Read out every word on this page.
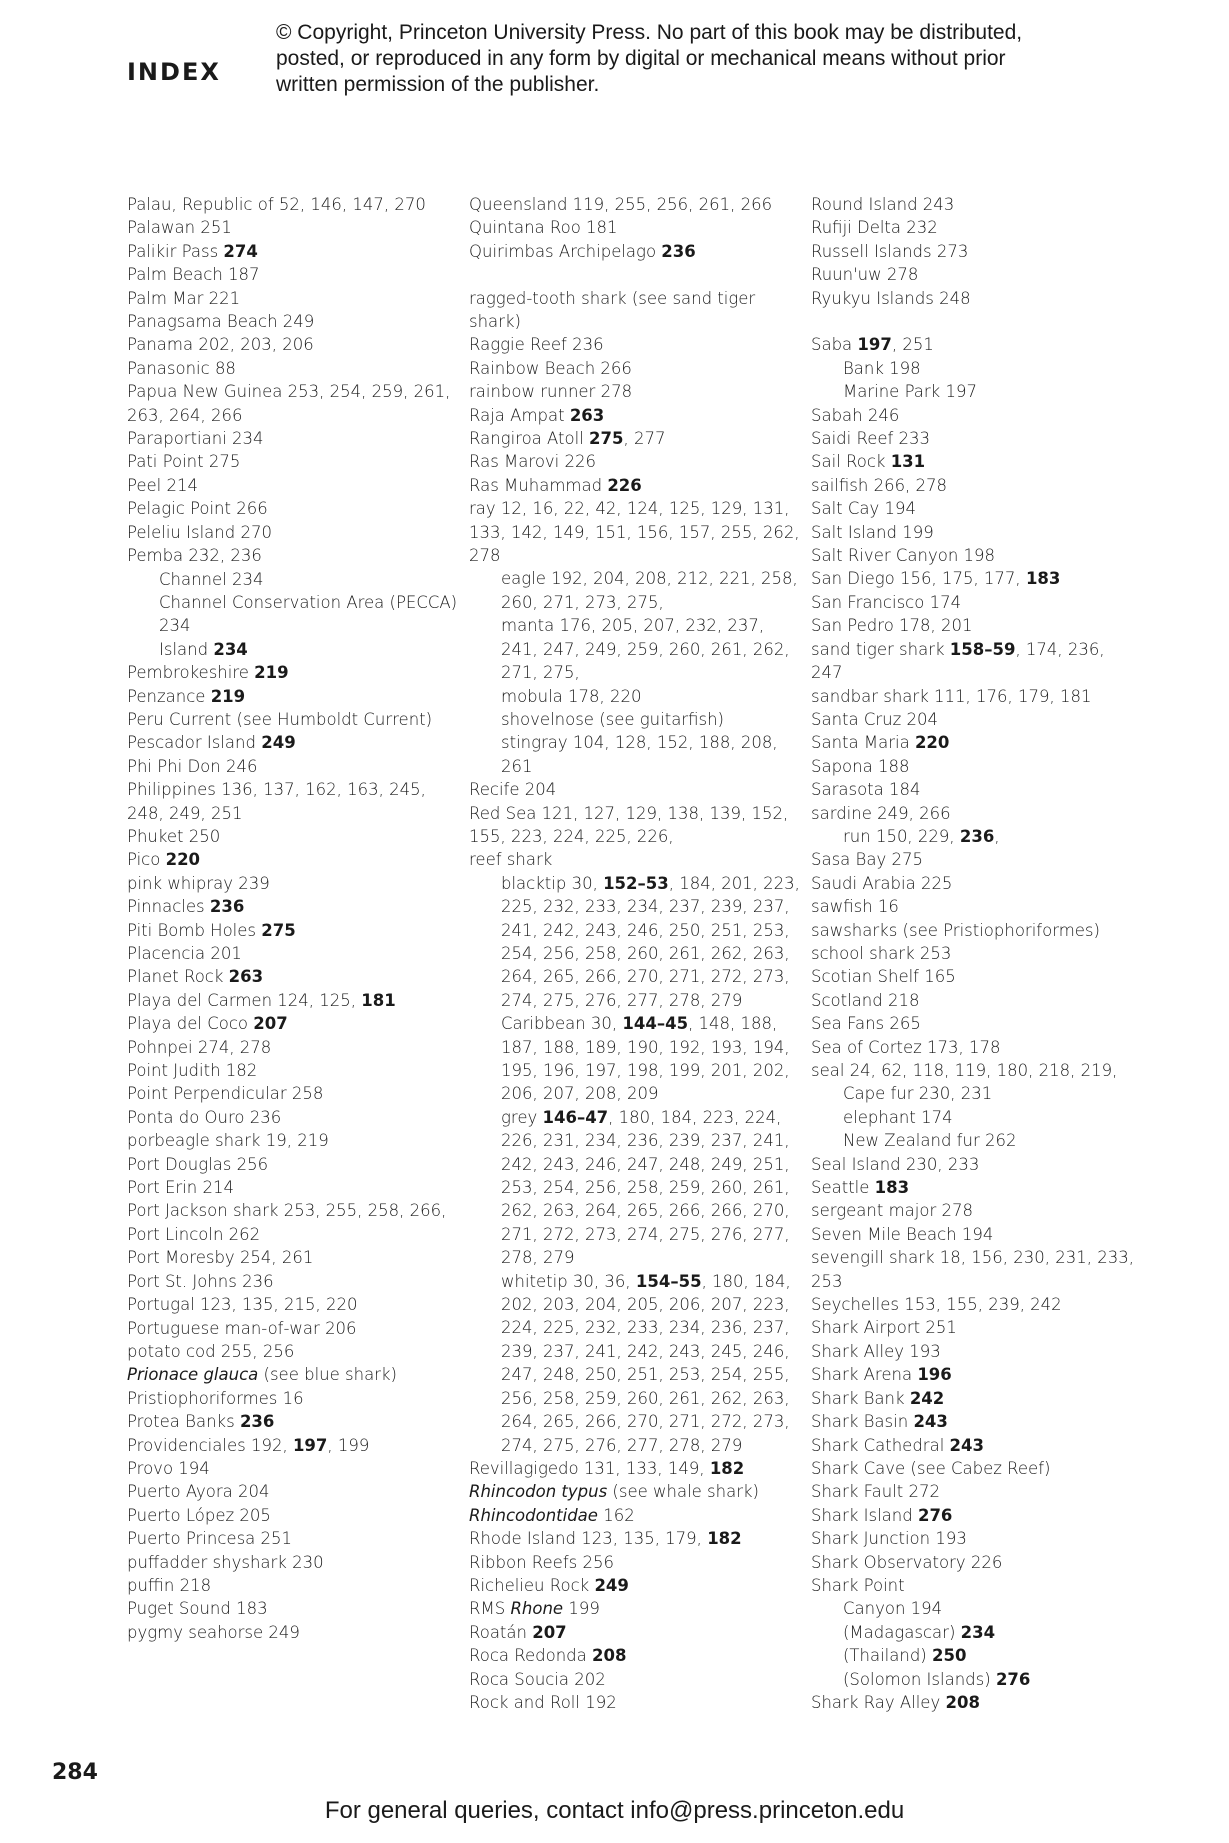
INDEX
© Copyright, Princeton University Press. No part of this book may be distributed, posted, or reproduced in any form by digital or mechanical means without prior written permission of the publisher.
Palau, Republic of 52, 146, 147, 270
Palawan 251
Palikir Pass 274
Palm Beach 187
Palm Mar 221
Panagsama Beach 249
Panama 202, 203, 206
Panasonic 88
Papua New Guinea 253, 254, 259, 261, 263, 264, 266
Paraportiani 234
Pati Point 275
Peel 214
Pelagic Point 266
Peleliu Island 270
Pemba 232, 236
Channel 234
Channel Conservation Area (PECCA) 234
Island 234
Pembrokeshire 219
Penzance 219
Peru Current (see Humboldt Current)
Pescador Island 249
Phi Phi Don 246
Philippines 136, 137, 162, 163, 245, 248, 249, 251
Phuket 250
Pico 220
pink whipray 239
Pinnacles 236
Piti Bomb Holes 275
Placencia 201
Planet Rock 263
Playa del Carmen 124, 125, 181
Playa del Coco 207
Pohnpei 274, 278
Point Judith 182
Point Perpendicular 258
Ponta do Ouro 236
porbeagle shark 19, 219
Port Douglas 256
Port Erin 214
Port Jackson shark 253, 255, 258, 266,
Port Lincoln 262
Port Moresby 254, 261
Port St. Johns 236
Portugal 123, 135, 215, 220
Portuguese man-of-war 206
potato cod 255, 256
Prionace glauca (see blue shark)
Pristiophoriformes 16
Protea Banks 236
Providenciales 192, 197, 199
Provo 194
Puerto Ayora 204
Puerto López 205
Puerto Princesa 251
puffadder shyshark 230
puffin 218
Puget Sound 183
pygmy seahorse 249
Queensland 119, 255, 256, 261, 266
Quintana Roo 181
Quirimbas Archipelago 236
ragged-tooth shark (see sand tiger shark)
Raggie Reef 236
Rainbow Beach 266
rainbow runner 278
Raja Ampat 263
Rangiroa Atoll 275, 277
Ras Marovi 226
Ras Muhammad 226
ray 12, 16, 22, 42, 124, 125, 129, 131, 133, 142, 149, 151, 156, 157, 255, 262, 278
eagle 192, 204, 208, 212, 221, 258, 260, 271, 273, 275,
manta 176, 205, 207, 232, 237, 241, 247, 249, 259, 260, 261, 262, 271, 275,
mobula 178, 220
shovelnose (see guitarfish)
stingray 104, 128, 152, 188, 208, 261
Recife 204
Red Sea 121, 127, 129, 138, 139, 152, 155, 223, 224, 225, 226,
reef shark
blacktip 30, 152–53, 184, 201, 223, 225, 232, 233, 234, 237, 239, 237, 241, 242, 243, 246, 250, 251, 253, 254, 256, 258, 260, 261, 262, 263, 264, 265, 266, 270, 271, 272, 273, 274, 275, 276, 277, 278, 279
Caribbean 30, 144–45, 148, 188, 187, 188, 189, 190, 192, 193, 194, 195, 196, 197, 198, 199, 201, 202, 206, 207, 208, 209
grey 146–47, 180, 184, 223, 224, 226, 231, 234, 236, 239, 237, 241, 242, 243, 246, 247, 248, 249, 251, 253, 254, 256, 258, 259, 260, 261, 262, 263, 264, 265, 266, 266, 270, 271, 272, 273, 274, 275, 276, 277, 278, 279
whitetip 30, 36, 154–55, 180, 184, 202, 203, 204, 205, 206, 207, 223, 224, 225, 232, 233, 234, 236, 237, 239, 237, 241, 242, 243, 245, 246, 247, 248, 250, 251, 253, 254, 255, 256, 258, 259, 260, 261, 262, 263, 264, 265, 266, 270, 271, 272, 273, 274, 275, 276, 277, 278, 279
Revillagigedo 131, 133, 149, 182
Rhincodon typus (see whale shark)
Rhincodontidae 162
Rhode Island 123, 135, 179, 182
Ribbon Reefs 256
Richelieu Rock 249
RMS Rhone 199
Roatán 207
Roca Redonda 208
Roca Soucia 202
Rock and Roll 192
Round Island 243
Rufiji Delta 232
Russell Islands 273
Ruun'uw 278
Ryukyu Islands 248
Saba 197, 251
Bank 198
Marine Park 197
Sabah 246
Saidi Reef 233
Sail Rock 131
sailfish 266, 278
Salt Cay 194
Salt Island 199
Salt River Canyon 198
San Diego 156, 175, 177, 183
San Francisco 174
San Pedro 178, 201
sand tiger shark 158–59, 174, 236, 247
sandbar shark 111, 176, 179, 181
Santa Cruz 204
Santa Maria 220
Sapona 188
Sarasota 184
sardine 249, 266
run 150, 229, 236,
Sasa Bay 275
Saudi Arabia 225
sawfish 16
sawsharks (see Pristiophoriformes)
school shark 253
Scotian Shelf 165
Scotland 218
Sea Fans 265
Sea of Cortez 173, 178
seal 24, 62, 118, 119, 180, 218, 219,
Cape fur 230, 231
elephant 174
New Zealand fur 262
Seal Island 230, 233
Seattle 183
sergeant major 278
Seven Mile Beach 194
sevengill shark 18, 156, 230, 231, 233, 253
Seychelles 153, 155, 239, 242
Shark Airport 251
Shark Alley 193
Shark Arena 196
Shark Bank 242
Shark Basin 243
Shark Cathedral 243
Shark Cave (see Cabez Reef)
Shark Fault 272
Shark Island 276
Shark Junction 193
Shark Observatory 226
Shark Point
Canyon 194
(Madagascar) 234
(Thailand) 250
(Solomon Islands) 276
Shark Ray Alley 208
284
For general queries, contact info@press.princeton.edu
